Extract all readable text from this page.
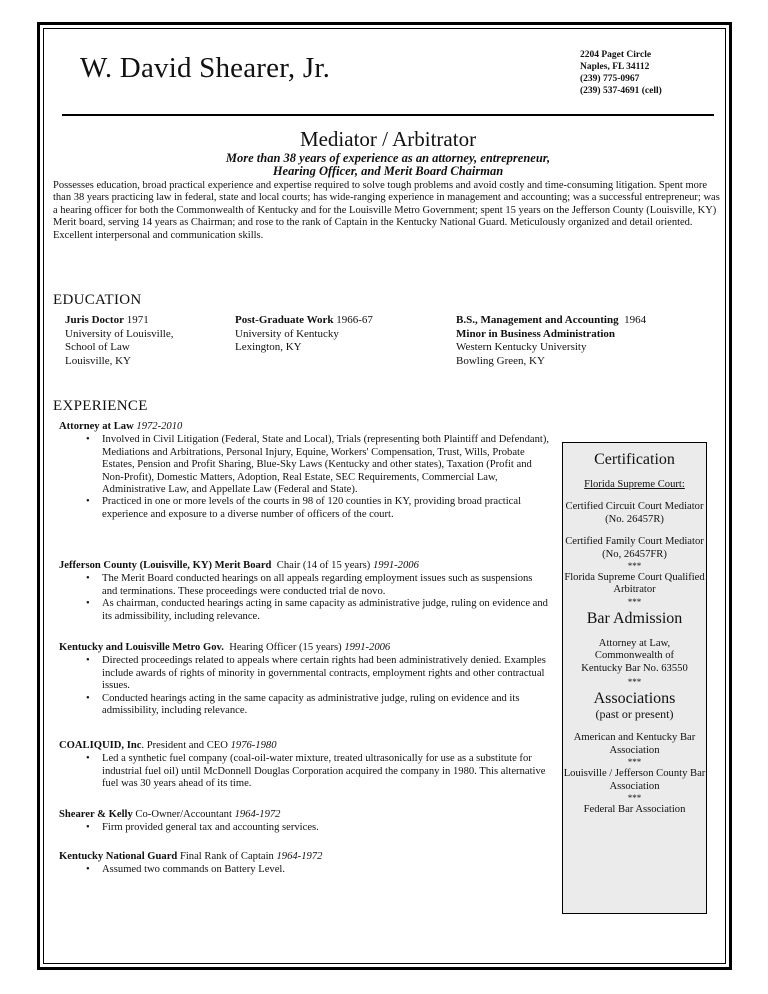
W. David Shearer, Jr.	2204 Paget Circle
Naples, FL 34112
(239) 775-0967
(239) 537-4691 (cell)
Mediator / Arbitrator
More than 38 years of experience as an attorney, entrepreneur,
Hearing Officer, and Merit Board Chairman
Possesses education, broad practical experience and expertise required to solve tough problems and avoid costly and time-consuming litigation. Spent more than 38 years practicing law in federal, state and local courts; has wide-ranging experience in management and accounting; was a successful entrepreneur; was a hearing officer for both the Commonwealth of Kentucky and for the Louisville Metro Government; spent 15 years on the Jefferson County (Louisville, KY) Merit board, serving 14 years as Chairman; and rose to the rank of Captain in the Kentucky National Guard. Meticulously organized and detail oriented. Excellent interpersonal and communication skills.
EDUCATION
Juris Doctor 1971
University of Louisville,
School of Law
Louisville, KY
Post-Graduate Work 1966-67
University of Kentucky
Lexington, KY
B.S., Management and Accounting 1964
Minor in Business Administration
Western Kentucky University
Bowling Green, KY
EXPERIENCE
Attorney at Law 1972-2010
• Involved in Civil Litigation (Federal, State and Local), Trials (representing both Plaintiff and Defendant), Mediations and Arbitrations, Personal Injury, Equine, Workers' Compensation, Trust, Wills, Probate Estates, Pension and Profit Sharing, Blue-Sky Laws (Kentucky and other states), Taxation (Profit and Non-Profit), Domestic Matters, Adoption, Real Estate, SEC Requirements, Commercial Law, Administrative Law, and Appellate Law (Federal and State).
• Practiced in one or more levels of the courts in 98 of 120 counties in KY, providing broad practical experience and exposure to a diverse number of officers of the court.
Jefferson County (Louisville, KY) Merit Board Chair (14 of 15 years) 1991-2006
• The Merit Board conducted hearings on all appeals regarding employment issues such as suspensions and terminations. These proceedings were conducted trial de novo.
• As chairman, conducted hearings acting in same capacity as administrative judge, ruling on evidence and its admissibility, including relevance.
Kentucky and Louisville Metro Gov. Hearing Officer (15 years) 1991-2006
• Directed proceedings related to appeals where certain rights had been administratively denied. Examples include awards of rights of minority in governmental contracts, employment rights and other contractual issues.
• Conducted hearings acting in the same capacity as administrative judge, ruling on evidence and its admissibility, including relevance.
COALIQUID, Inc. President and CEO 1976-1980
• Led a synthetic fuel company (coal-oil-water mixture, treated ultrasonically for use as a substitute for industrial fuel oil) until McDonnell Douglas Corporation acquired the company in 1980. This alternative fuel was 30 years ahead of its time.
Shearer & Kelly Co-Owner/Accountant 1964-1972
• Firm provided general tax and accounting services.
Kentucky National Guard Final Rank of Captain 1964-1972
• Assumed two commands on Battery Level.
Certification
Florida Supreme Court:
Certified Circuit Court Mediator (No. 26457R)
Certified Family Court Mediator (No, 26457FR)
***
Florida Supreme Court Qualified Arbitrator
***
Bar Admission
Attorney at Law, Commonwealth of Kentucky Bar No. 63550
***
Associations
(past or present)
American and Kentucky Bar Association
***
Louisville / Jefferson County Bar Association
***
Federal Bar Association
